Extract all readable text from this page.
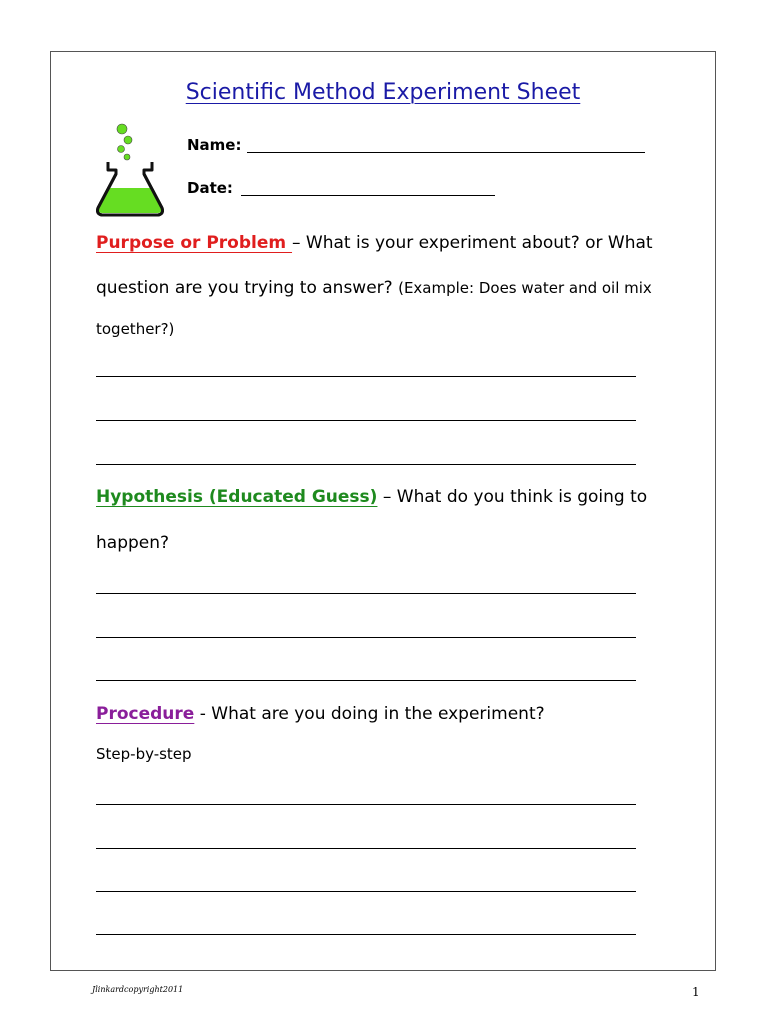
Scientific Method Experiment Sheet
Name:
Date:
Purpose or Problem – What is your experiment about? or What
question are you trying to answer? (Example: Does water and oil mix
together?)
Hypothesis (Educated Guess) – What do you think is going to
happen?
Procedure - What are you doing in the experiment?
Step-by-step
Jlinkardcopyright2011	1
